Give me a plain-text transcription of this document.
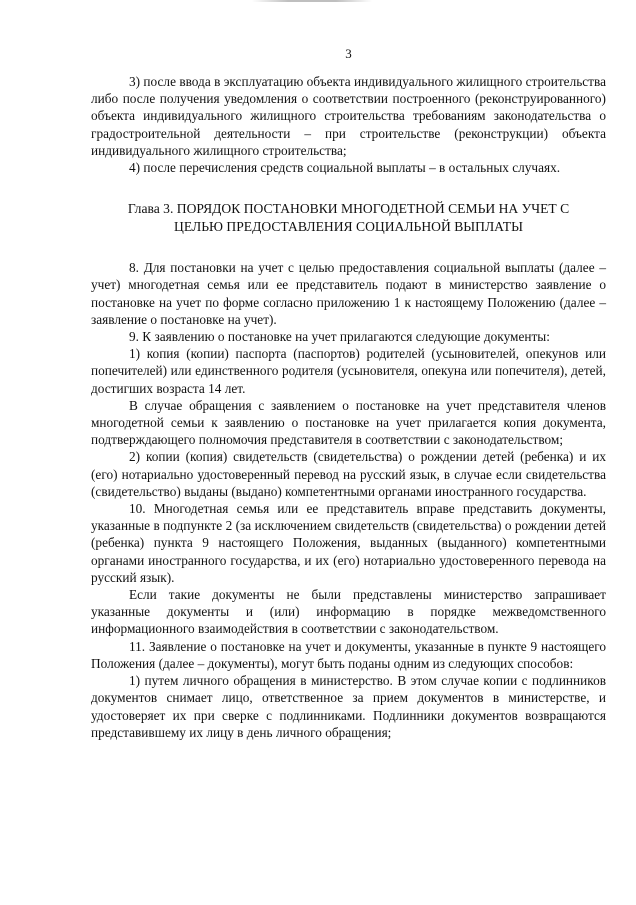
3

3) после ввода в эксплуатацию объекта индивидуального жилищного строительства либо после получения уведомления о соответствии построенного (реконструированного) объекта индивидуального жилищного строительства требованиям законодательства о градостроительной деятельности – при строительстве (реконструкции) объекта индивидуального жилищного строительства;

4) после перечисления средств социальной выплаты – в остальных случаях.

Глава 3. ПОРЯДОК ПОСТАНОВКИ МНОГОДЕТНОЙ СЕМЬИ НА УЧЕТ С
ЦЕЛЬЮ ПРЕДОСТАВЛЕНИЯ СОЦИАЛЬНОЙ ВЫПЛАТЫ

8. Для постановки на учет с целью предоставления социальной выплаты (далее – учет) многодетная семья или ее представитель подают в министерство заявление о постановке на учет по форме согласно приложению 1 к настоящему Положению (далее – заявление о постановке на учет).

9. К заявлению о постановке на учет прилагаются следующие документы:

1) копия (копии) паспорта (паспортов) родителей (усыновителей, опекунов или попечителей) или единственного родителя (усыновителя, опекуна или попечителя), детей, достигших возраста 14 лет.

В случае обращения с заявлением о постановке на учет представителя членов многодетной семьи к заявлению о постановке на учет прилагается копия документа, подтверждающего полномочия представителя в соответствии с законодательством;

2) копии (копия) свидетельств (свидетельства) о рождении детей (ребенка) и их (его) нотариально удостоверенный перевод на русский язык, в случае если свидетельства (свидетельство) выданы (выдано) компетентными органами иностранного государства.

10. Многодетная семья или ее представитель вправе представить документы, указанные в подпункте 2 (за исключением свидетельств (свидетельства) о рождении детей (ребенка) пункта 9 настоящего Положения, выданных (выданного) компетентными органами иностранного государства, и их (его) нотариально удостоверенного перевода на русский язык).

Если такие документы не были представлены министерство запрашивает указанные документы и (или) информацию в порядке межведомственного информационного взаимодействия в соответствии с законодательством.

11. Заявление о постановке на учет и документы, указанные в пункте 9 настоящего Положения (далее – документы), могут быть поданы одним из следующих способов:

1) путем личного обращения в министерство. В этом случае копии с подлинников документов снимает лицо, ответственное за прием документов в министерстве, и удостоверяет их при сверке с подлинниками. Подлинники документов возвращаются представившему их лицу в день личного обращения;
